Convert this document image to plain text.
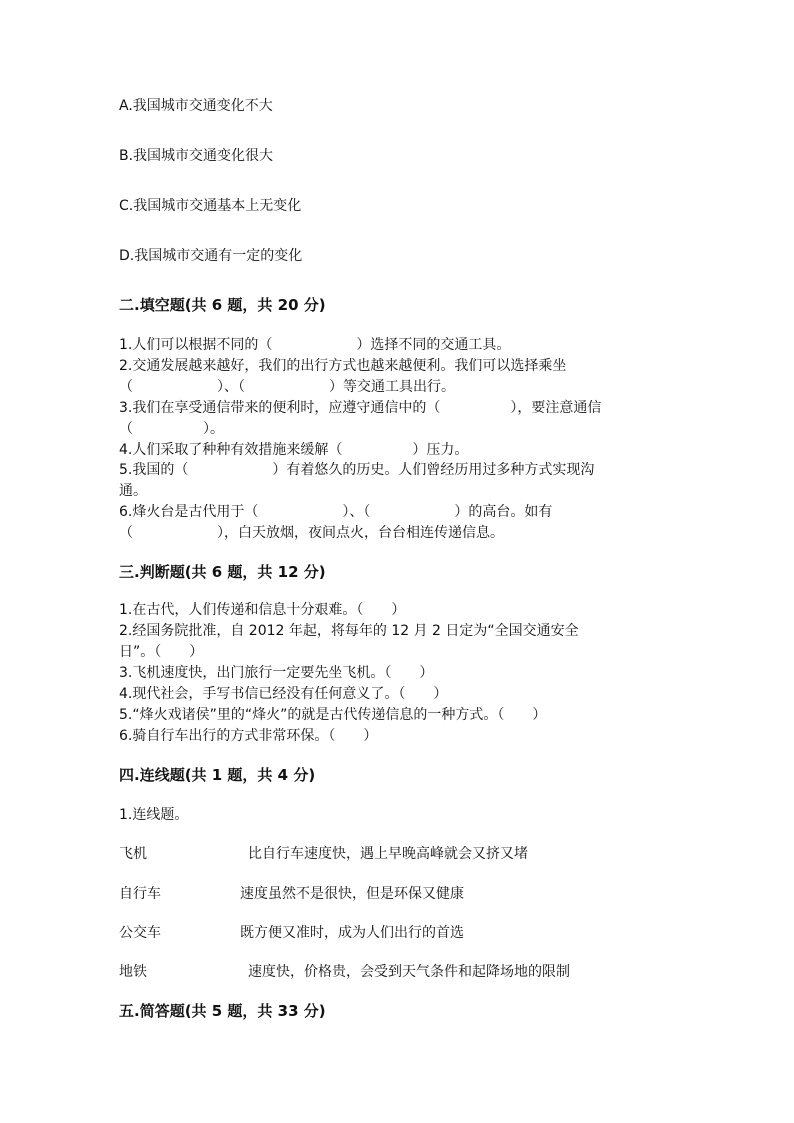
A.我国城市交通变化不大
B.我国城市交通变化很大
C.我国城市交通基本上无变化
D.我国城市交通有一定的变化
二.填空题(共 6 题，共 20 分)
1.人们可以根据不同的（　　　　　　）选择不同的交通工具。
2.交通发展越来越好，我们的出行方式也越来越便利。我们可以选择乘坐
（　　　　　　）、（　　　　　　）等交通工具出行。
3.我们在享受通信带来的便利时，应遵守通信中的（　　　　　），要注意通信
（　　　　　）。
4.人们采取了种种有效措施来缓解（　　　　　）压力。
5.我国的（　　　　　　）有着悠久的历史。人们曾经历用过多种方式实现沟
通。
6.烽火台是古代用于（　　　　　　）、（　　　　　　）的高台。如有
（　　　　　　），白天放烟，夜间点火，台台相连传递信息。
三.判断题(共 6 题，共 12 分)
1.在古代，人们传递和信息十分艰难。（　　）
2.经国务院批准，自 2012 年起，将每年的 12 月 2 日定为“全国交通安全
日”。（　　）
3.飞机速度快，出门旅行一定要先坐飞机。（　　）
4.现代社会，手写书信已经没有任何意义了。（　　）
5.“烽火戏诸侯”里的“烽火”的就是古代传递信息的一种方式。（　　）
6.骑自行车出行的方式非常环保。（　　）
四.连线题(共 1 题，共 4 分)
1.连线题。
飞机	比自行车速度快，遇上早晚高峰就会又挤又堵
自行车	速度虽然不是很快，但是环保又健康
公交车	既方便又准时，成为人们出行的首选
地铁	速度快，价格贵，会受到天气条件和起降场地的限制
五.简答题(共 5 题，共 33 分)
